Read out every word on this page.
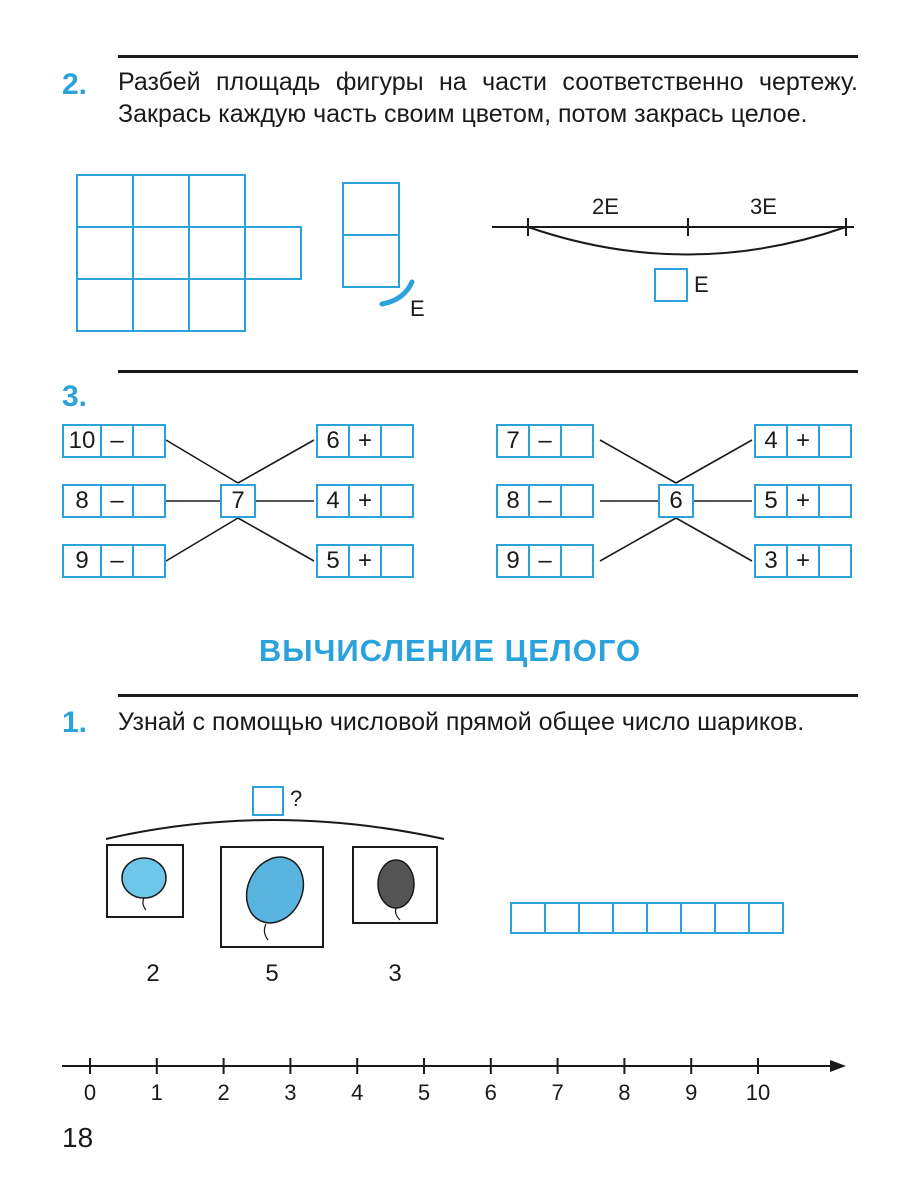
2. Разбей площадь фигуры на части соответственно чертежу. Закрась каждую часть своим цветом, потом закрась целое.
E
2E	3E
E
3.
10 –
8 –
9 –
7
6 +
4 +
5 +
7 –
8 –
9 –
6
4 +
5 +
3 +
ВЫЧИСЛЕНИЕ ЦЕЛОГО
1. Узнай с помощью числовой прямой общее число шариков.
?
2	5	3
0	1	2	3	4	5	6	7	8	9	10
18
